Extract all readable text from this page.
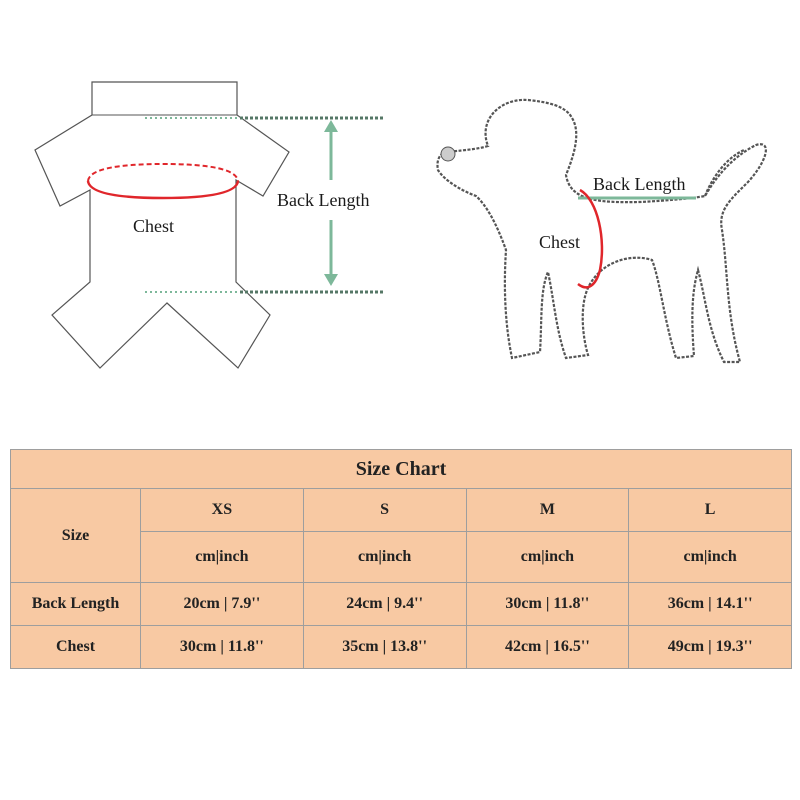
Back Length
Chest
Back Length
Chest
Size Chart				
Size	XS	S	M	L
	cm|inch	cm|inch	cm|inch	cm|inch
Back Length	20cm | 7.9''	24cm | 9.4''	30cm | 11.8''	36cm | 14.1''
Chest	30cm | 11.8''	35cm | 13.8''	42cm | 16.5''	49cm | 19.3''
